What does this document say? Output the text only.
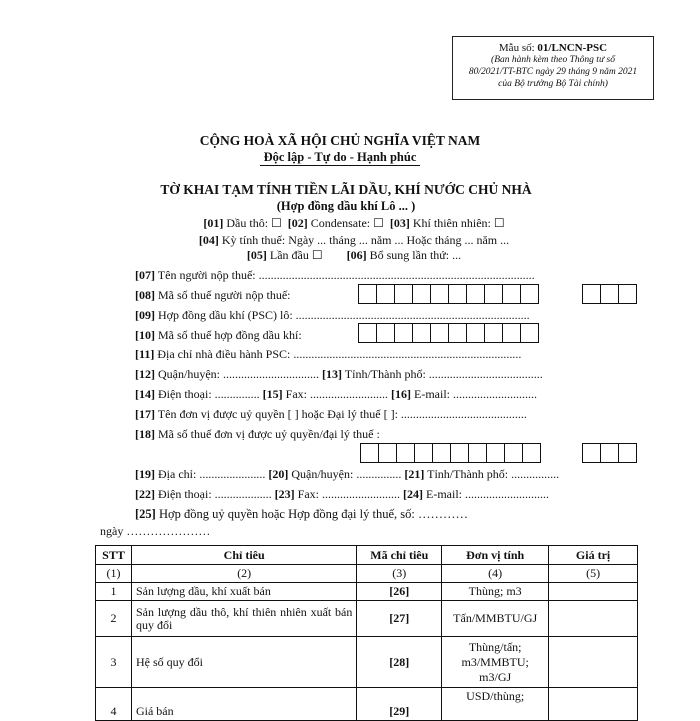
Mẫu số: 01/LNCN-PSC
(Ban hành kèm theo Thông tư số
80/2021/TT-BTC ngày 29 tháng 9 năm 2021
của Bộ trưởng Bộ Tài chính)
CỘNG HOÀ XÃ HỘI CHỦ NGHĨA VIỆT NAM
Độc lập - Tự do - Hạnh phúc
TỜ KHAI TẠM TÍNH TIỀN LÃI DẦU, KHÍ NƯỚC CHỦ NHÀ
(Hợp đồng dầu khí Lô ... )
[01] Dầu thô: ☐ [02] Condensate: ☐ [03] Khí thiên nhiên: ☐
[04] Kỳ tính thuế: Ngày ... tháng ... năm ... Hoặc tháng ... năm ...
[05] Lần đầu ☐ [06] Bổ sung lần thứ: ...
[07] Tên người nộp thuế: ............................................................................................
[08] Mã số thuế người nộp thuế:
[09] Hợp đồng dầu khí (PSC) lô: ..............................................................................
[10] Mã số thuế hợp đồng dầu khí:
[11] Địa chỉ nhà điều hành PSC: ............................................................................
[12] Quận/huyện: ................................ [13] Tỉnh/Thành phố: ......................................
[14] Điện thoại: ............... [15] Fax: .......................... [16] E-mail: ............................
[17] Tên đơn vị được uỷ quyền [ ] hoặc Đại lý thuế [ ]: ..........................................
[18] Mã số thuế đơn vị được uỷ quyền/đại lý thuế :
[19] Địa chỉ: ...................... [20] Quận/huyện: ............... [21] Tỉnh/Thành phố: ................
[22] Điện thoại: ................... [23] Fax: .......................... [24] E-mail: ............................
[25] Hợp đồng uỷ quyền hoặc Hợp đồng đại lý thuế, số: …………
ngày …………………
STT	Chỉ tiêu	Mã chỉ tiêu	Đơn vị tính	Giá trị
(1)	(2)	(3)	(4)	(5)
1	Sản lượng dầu, khí xuất bán	[26]	Thùng; m3	
2	Sản lượng dầu thô, khí thiên nhiên xuất bán quy đổi	[27]	Tấn/MMBTU/GJ	
3	Hệ số quy đổi	[28]	Thùng/tấn; m3/MMBTU; m3/GJ	
4	Giá bán	[29]	USD/thùng;	
